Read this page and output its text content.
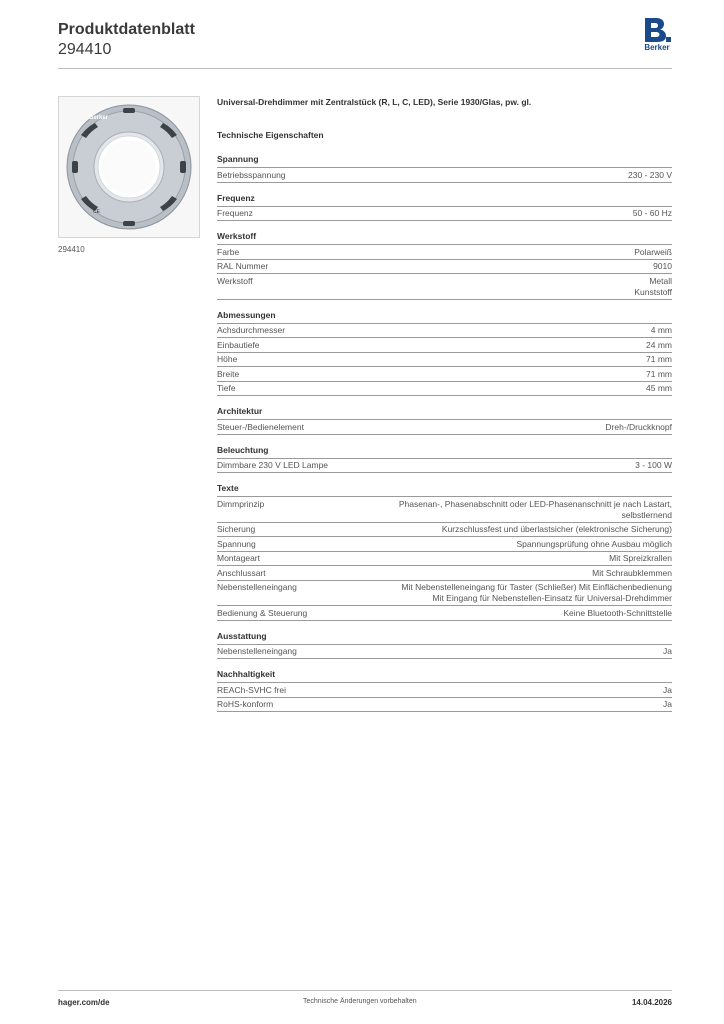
Produktdatenblatt
294410	Berker
Berker
CE
294410
Universal-Drehdimmer mit Zentralstück (R, L, C, LED), Serie 1930/Glas, pw. gl.
Technische Eigenschaften
Spannung
Betriebsspannung	230 - 230 V
Frequenz
Frequenz	50 - 60 Hz
Werkstoff
Farbe	Polarweiß
RAL Nummer	9010
Werkstoff	Metall
Kunststoff
Abmessungen
Achsdurchmesser	4 mm
Einbautiefe	24 mm
Höhe	71 mm
Breite	71 mm
Tiefe	45 mm
Architektur
Steuer-/Bedienelement	Dreh-/Druckknopf
Beleuchtung
Dimmbare 230 V LED Lampe	3 - 100 W
Texte
Dimmprinzip	Phasenan-, Phasenabschnitt oder LED-Phasenanschnitt je nach Lastart,
selbstlernend
Sicherung	Kurzschlussfest und überlastsicher (elektronische Sicherung)
Spannung	Spannungsprüfung ohne Ausbau möglich
Montageart	Mit Spreizkrallen
Anschlussart	Mit Schraubklemmen
Nebenstelleneingang	Mit Nebenstelleneingang für Taster (Schließer) Mit Einflächenbedienung
Mit Eingang für Nebenstellen-Einsatz für Universal-Drehdimmer
Bedienung & Steuerung	Keine Bluetooth-Schnittstelle
Ausstattung
Nebenstelleneingang	Ja
Nachhaltigkeit
REACh-SVHC frei	Ja
RoHS-konform	Ja
hager.com/de	Technische Änderungen vorbehalten	14.04.2026
